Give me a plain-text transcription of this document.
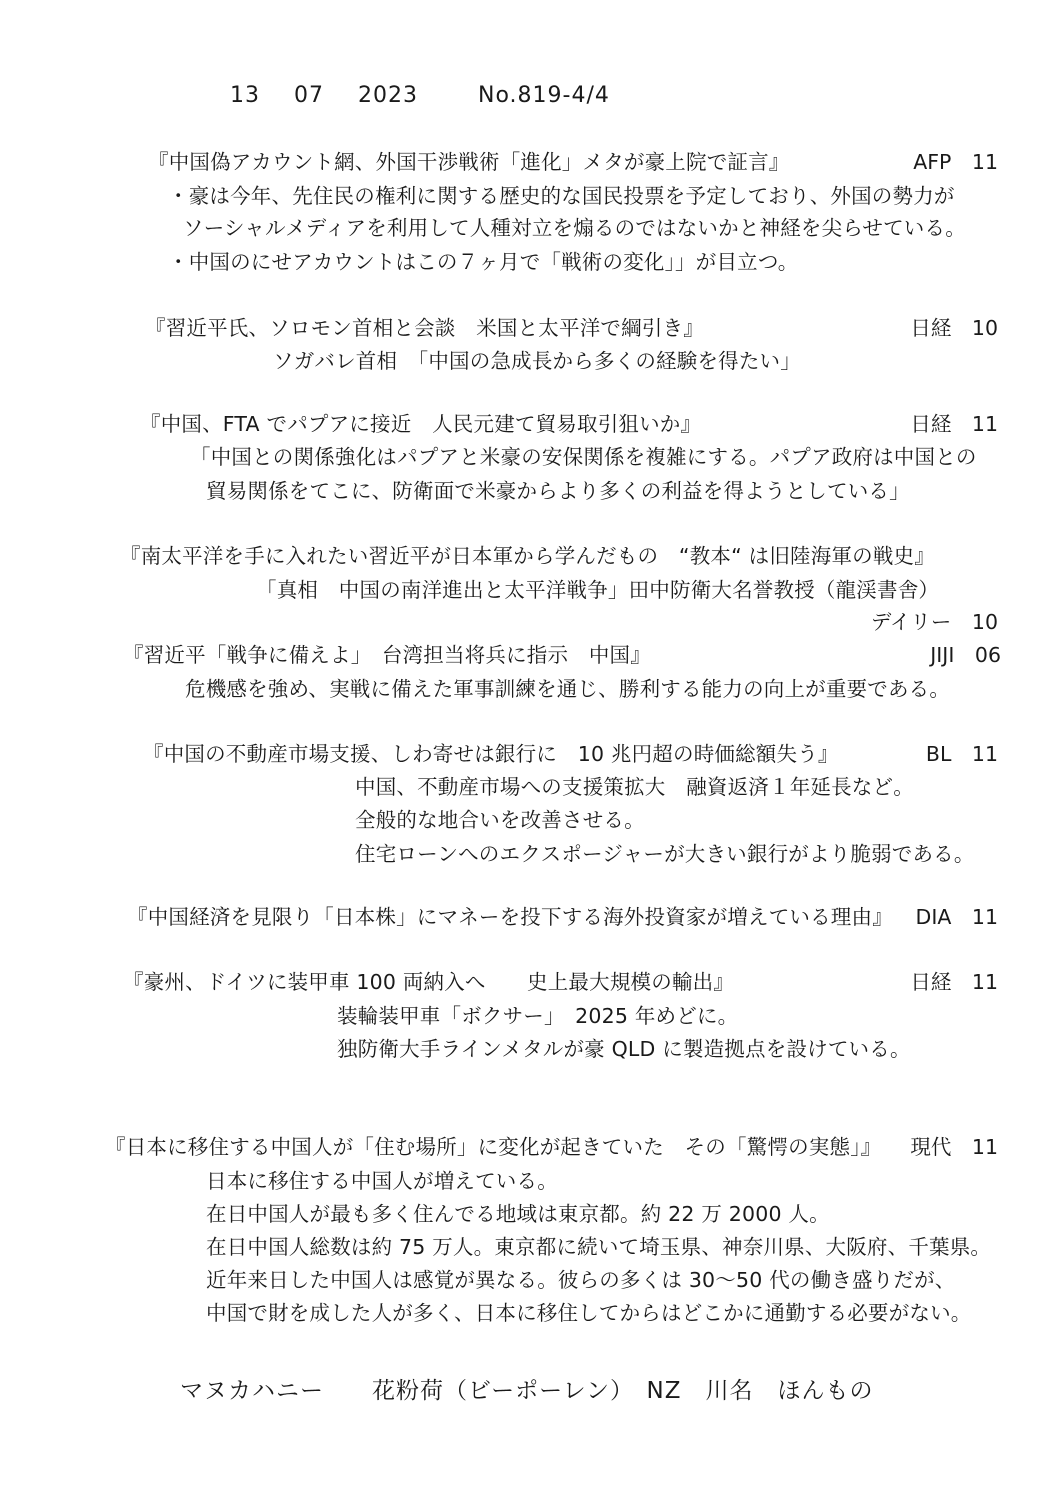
13 07 2023	No.819-4/4
『中国偽アカウント網、外国干渉戦術「進化」メタが豪上院で証言』	AFP　11
・豪は今年、先住民の権利に関する歴史的な国民投票を予定しており、外国の勢力が
ソーシャルメディアを利用して人種対立を煽るのではないかと神経を尖らせている。
・中国のにせアカウントはこの７ヶ月で「戦術の変化」」が目立つ。
『習近平氏、ソロモン首相と会談　米国と太平洋で綱引き』	日経　10
ソガバレ首相　「中国の急成長から多くの経験を得たい」
『中国、FTA でパプアに接近　人民元建て貿易取引狙いか』	日経　11
「中国との関係強化はパプアと米豪の安保関係を複雑にする。パプア政府は中国との
貿易関係をてこに、防衛面で米豪からより多くの利益を得ようとしている」
『南太平洋を手に入れたい習近平が日本軍から学んだもの　“教本“ は旧陸海軍の戦史』
「真相　中国の南洋進出と太平洋戦争」田中防衛大名誉教授（龍渓書舎）
デイリー　10
『習近平「戦争に備えよ」　台湾担当将兵に指示　中国』	JIJI　06
危機感を強め、実戦に備えた軍事訓練を通じ、勝利する能力の向上が重要である。
『中国の不動産市場支援、しわ寄せは銀行に　10 兆円超の時価総額失う』	BL　11
中国、不動産市場への支援策拡大　融資返済１年延長など。
全般的な地合いを改善させる。
住宅ローンへのエクスポージャーが大きい銀行がより脆弱である。
『中国経済を見限り「日本株」にマネーを投下する海外投資家が増えている理由』 DIA　11
『豪州、ドイツに装甲車 100 両納入へ　　史上最大規模の輸出』	日経　11
装輪装甲車「ボクサー」　2025 年めどに。
独防衛大手ラインメタルが豪 QLD に製造拠点を設けている。
『日本に移住する中国人が「住む場所」に変化が起きていた　その「驚愕の実態」』 現代　11
日本に移住する中国人が増えている。
在日中国人が最も多く住んでる地域は東京都。約 22 万 2000 人。
在日中国人総数は約 75 万人。東京都に続いて埼玉県、神奈川県、大阪府、千葉県。
近年来日した中国人は感覚が異なる。彼らの多くは 30～50 代の働き盛りだが、
中国で財を成した人が多く、日本に移住してからはどこかに通勤する必要がない。
マヌカハニー　　花粉荷（ビーポーレン）　NZ　川名　ほんもの
